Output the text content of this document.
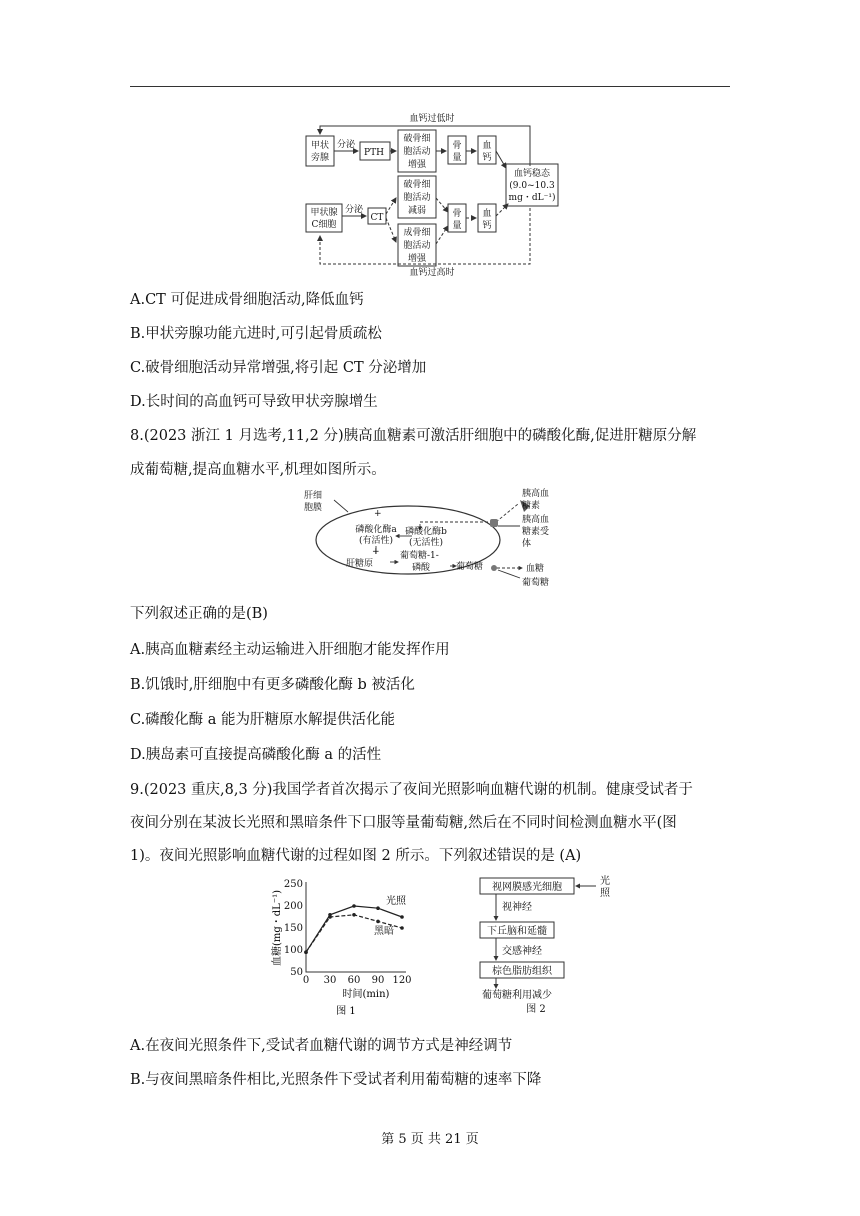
血钙过低时
血钙过高时
甲状
旁腺
分泌
PTH
破骨细
胞活动
增强
骨
量
血
钙
血钙稳态
(9.0~10.3
mg・dL⁻¹)
甲状腺
C细胞
分泌
CT
破骨细
胞活动
减弱
成骨细
胞活动
增强
骨
量
血
钙
A.CT 可促进成骨细胞活动,降低血钙
B.甲状旁腺功能亢进时,可引起骨质疏松
C.破骨细胞活动异常增强,将引起 CT 分泌增加
D.长时间的高血钙可导致甲状旁腺增生
8.(2023 浙江 1 月选考,11,2 分)胰高血糖素可激活肝细胞中的磷酸化酶,促进肝糖原分解
成葡萄糖,提高血糖水平,机理如图所示。
肝细
胞膜
磷酸化酶a
(有活性)
磷酸化酶b
(无活性)
+
+
肝糖原
葡萄糖-1-
磷酸	葡萄糖
胰高血
糖素
胰高血
糖素受
体
血糖
葡萄糖
下列叙述正确的是(B)
A.胰高血糖素经主动运输进入肝细胞才能发挥作用
B.饥饿时,肝细胞中有更多磷酸化酶 b 被活化
C.磷酸化酶 a 能为肝糖原水解提供活化能
D.胰岛素可直接提高磷酸化酶 a 的活性
9.(2023 重庆,8,3 分)我国学者首次揭示了夜间光照影响血糖代谢的机制。健康受试者于
夜间分别在某波长光照和黑暗条件下口服等量葡萄糖,然后在不同时间检测血糖水平(图
1)。夜间光照影响血糖代谢的过程如图 2 所示。下列叙述错误的是 (A)
0 30 60 90 120
50
100
150
200
250
血糖(mg・dL⁻¹)
时间(min)
光照
黑暗
图 1
视网膜感光细胞
光
照
视神经
下丘脑和延髓
交感神经
棕色脂肪组织
葡萄糖利用减少
图 2
A.在夜间光照条件下,受试者血糖代谢的调节方式是神经调节
B.与夜间黑暗条件相比,光照条件下受试者利用葡萄糖的速率下降
第 5 页 共 21 页
